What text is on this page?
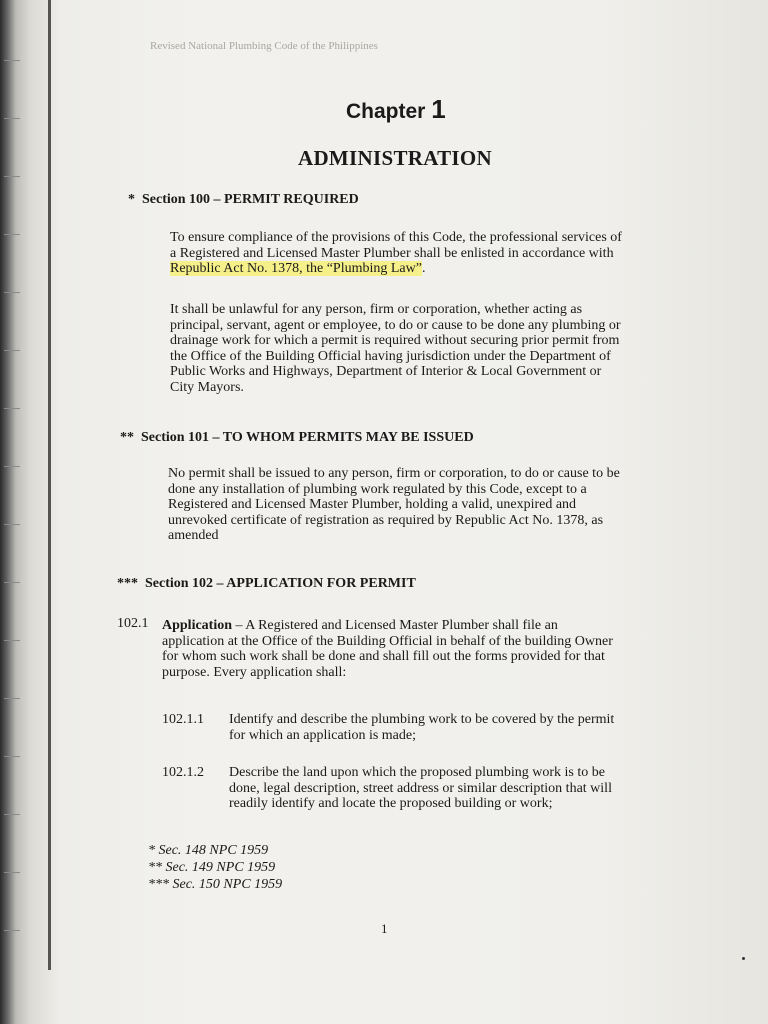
Revised National Plumbing Code of the Philippines

Chapter 1

ADMINISTRATION

* Section 100 – PERMIT REQUIRED

To ensure compliance of the provisions of this Code, the professional services of
a Registered and Licensed Master Plumber shall be enlisted in accordance with
Republic Act No. 1378, the “Plumbing Law”.
It shall be unlawful for any person, firm or corporation, whether acting as
principal, servant, agent or employee, to do or cause to be done any plumbing or
drainage work for which a permit is required without securing prior permit from
the Office of the Building Official having jurisdiction under the Department of
Public Works and Highways, Department of Interior & Local Government or
City Mayors.

** Section 101 – TO WHOM PERMITS MAY BE ISSUED

No permit shall be issued to any person, firm or corporation, to do or cause to be
done any installation of plumbing work regulated by this Code, except to a
Registered and Licensed Master Plumber, holding a valid, unexpired and
unrevoked certificate of registration as required by Republic Act No. 1378, as
amended

*** Section 102 – APPLICATION FOR PERMIT

102.1 Application – A Registered and Licensed Master Plumber shall file an
application at the Office of the Building Official in behalf of the building Owner
for whom such work shall be done and shall fill out the forms provided for that
purpose. Every application shall:

102.1.1 Identify and describe the plumbing work to be covered by the permit
for which an application is made;

102.1.2 Describe the land upon which the proposed plumbing work is to be
done, legal description, street address or similar description that will
readily identify and locate the proposed building or work;
* Sec. 148 NPC 1959
** Sec. 149 NPC 1959
*** Sec. 150 NPC 1959

1
